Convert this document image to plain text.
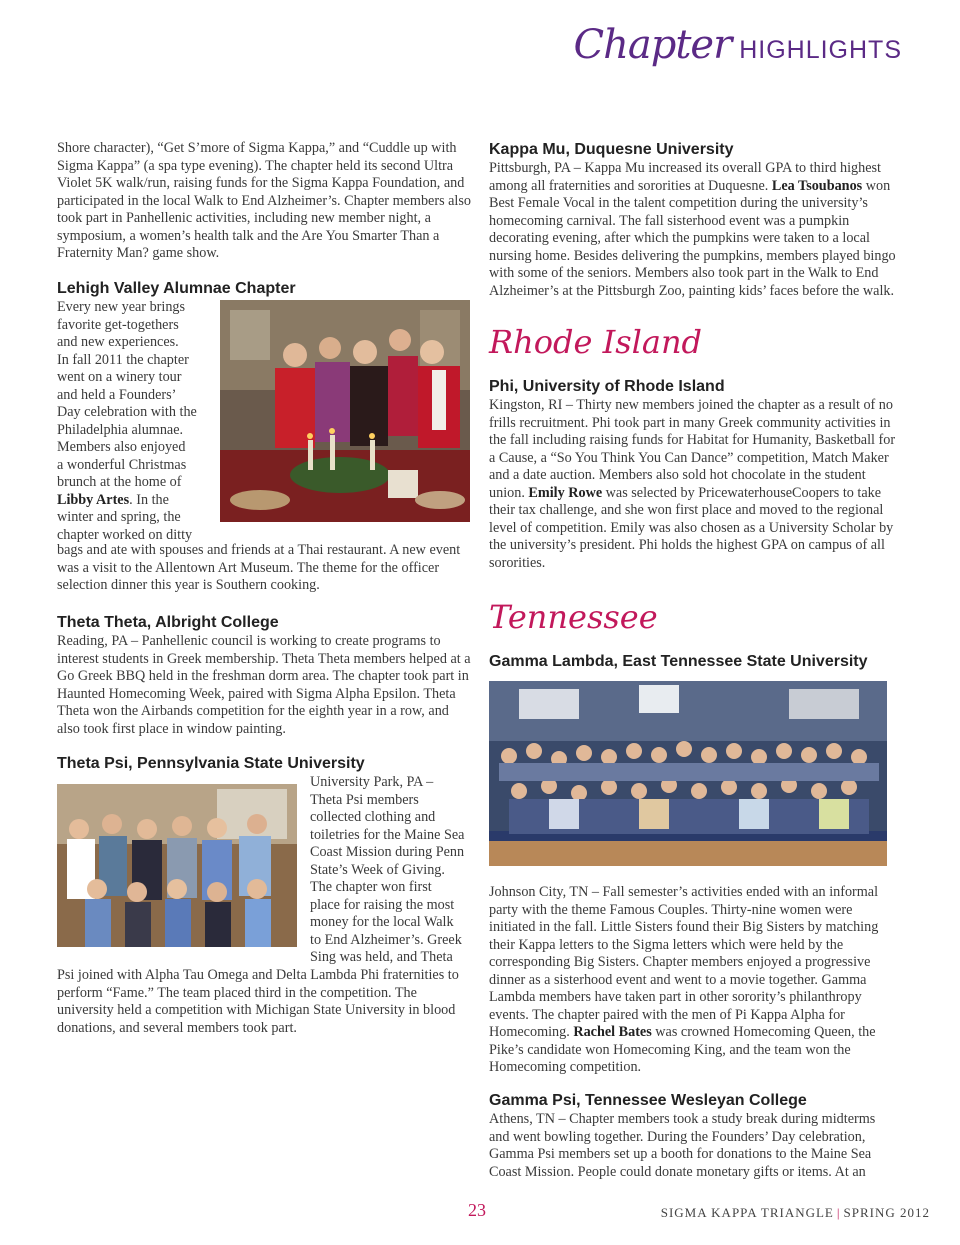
Chapter HIGHLIGHTS

Shore character), “Get S’more of Sigma Kappa,” and “Cuddle up with Sigma Kappa” (a spa type evening). The chapter held its second Ultra Violet 5K walk/run, raising funds for the Sigma Kappa Foundation, and participated in the local Walk to End Alzheimer’s. Chapter members also took part in Panhellenic activities, including new member night, a symposium, a women’s health talk and the Are You Smarter Than a Fraternity Man? game show.

Lehigh Valley Alumnae Chapter

Every new year brings

favorite get-togethers

and new experiences.

In fall 2011 the chapter

went on a winery tour

and held a Founders’

Day celebration with the

Philadelphia alumnae.

Members also enjoyed

a wonderful Christmas

brunch at the home of

Libby Artes. In the

winter and spring, the

chapter worked on ditty

bags and ate with spouses and friends at a Thai restaurant. A new event was a visit to the Allentown Art Museum. The theme for the officer selection dinner this year is Southern cooking.

Theta Theta, Albright College

Reading, PA – Panhellenic council is working to create programs to interest students in Greek membership. Theta Theta members helped at a Go Greek BBQ held in the freshman dorm area. The chapter took part in Haunted Homecoming Week, paired with Sigma Alpha Epsilon. Theta Theta won the Airbands competition for the eighth year in a row, and also took first place in window painting.

Theta Psi, Pennsylvania State University

University Park, PA –

Theta Psi members

collected clothing and

toiletries for the Maine Sea

Coast Mission during Penn

State’s Week of Giving.

The chapter won first

place for raising the most

money for the local Walk

to End Alzheimer’s. Greek

Sing was held, and Theta

Psi joined with Alpha Tau Omega and Delta Lambda Phi fraternities to perform “Fame.” The team placed third in the competition. The university held a competition with Michigan State University in blood donations, and several members took part.

Kappa Mu, Duquesne University

Pittsburgh, PA – Kappa Mu increased its overall GPA to third highest among all fraternities and sororities at Duquesne. Lea Tsoubanos won Best Female Vocal in the talent competition during the university’s homecoming carnival. The fall sisterhood event was a pumpkin decorating evening, after which the pumpkins were taken to a local nursing home. Besides delivering the pumpkins, members played bingo with some of the seniors. Members also took part in the Walk to End Alzheimer’s at the Pittsburgh Zoo, painting kids’ faces before the walk.

Rhode Island
Phi, University of Rhode Island

Kingston, RI – Thirty new members joined the chapter as a result of no frills recruitment. Phi took part in many Greek community activities in the fall including raising funds for Habitat for Humanity, Basketball for a Cause, a “So You Think You Can Dance” competition, Match Maker and a date auction. Members also sold hot chocolate in the student union. Emily Rowe was selected by PricewaterhouseCoopers to take their tax challenge, and she won first place and moved to the regional level of competition. Emily was also chosen as a University Scholar by the university’s president. Phi holds the highest GPA on campus of all sororities.

Tennessee
Gamma Lambda, East Tennessee State University

Johnson City, TN – Fall semester’s activities ended with an informal party with the theme Famous Couples. Thirty-nine women were initiated in the fall. Little Sisters found their Big Sisters by matching their Kappa letters to the Sigma letters which were held by the corresponding Big Sisters. Chapter members enjoyed a progressive dinner as a sisterhood event and went to a movie together. Gamma Lambda members have taken part in other sorority’s philanthropy events. The chapter paired with the men of Pi Kappa Alpha for Homecoming. Rachel Bates was crowned Homecoming Queen, the Pike’s candidate won Homecoming King, and the team won the Homecoming competition.

Gamma Psi, Tennessee Wesleyan College

Athens, TN – Chapter members took a study break during midterms and went bowling together. During the Founders’ Day celebration, Gamma Psi members set up a booth for donations to the Maine Sea Coast Mission. People could donate monetary gifts or items. At an

23	SIGMA KAPPA TRIANGLE | SPRING 2012
